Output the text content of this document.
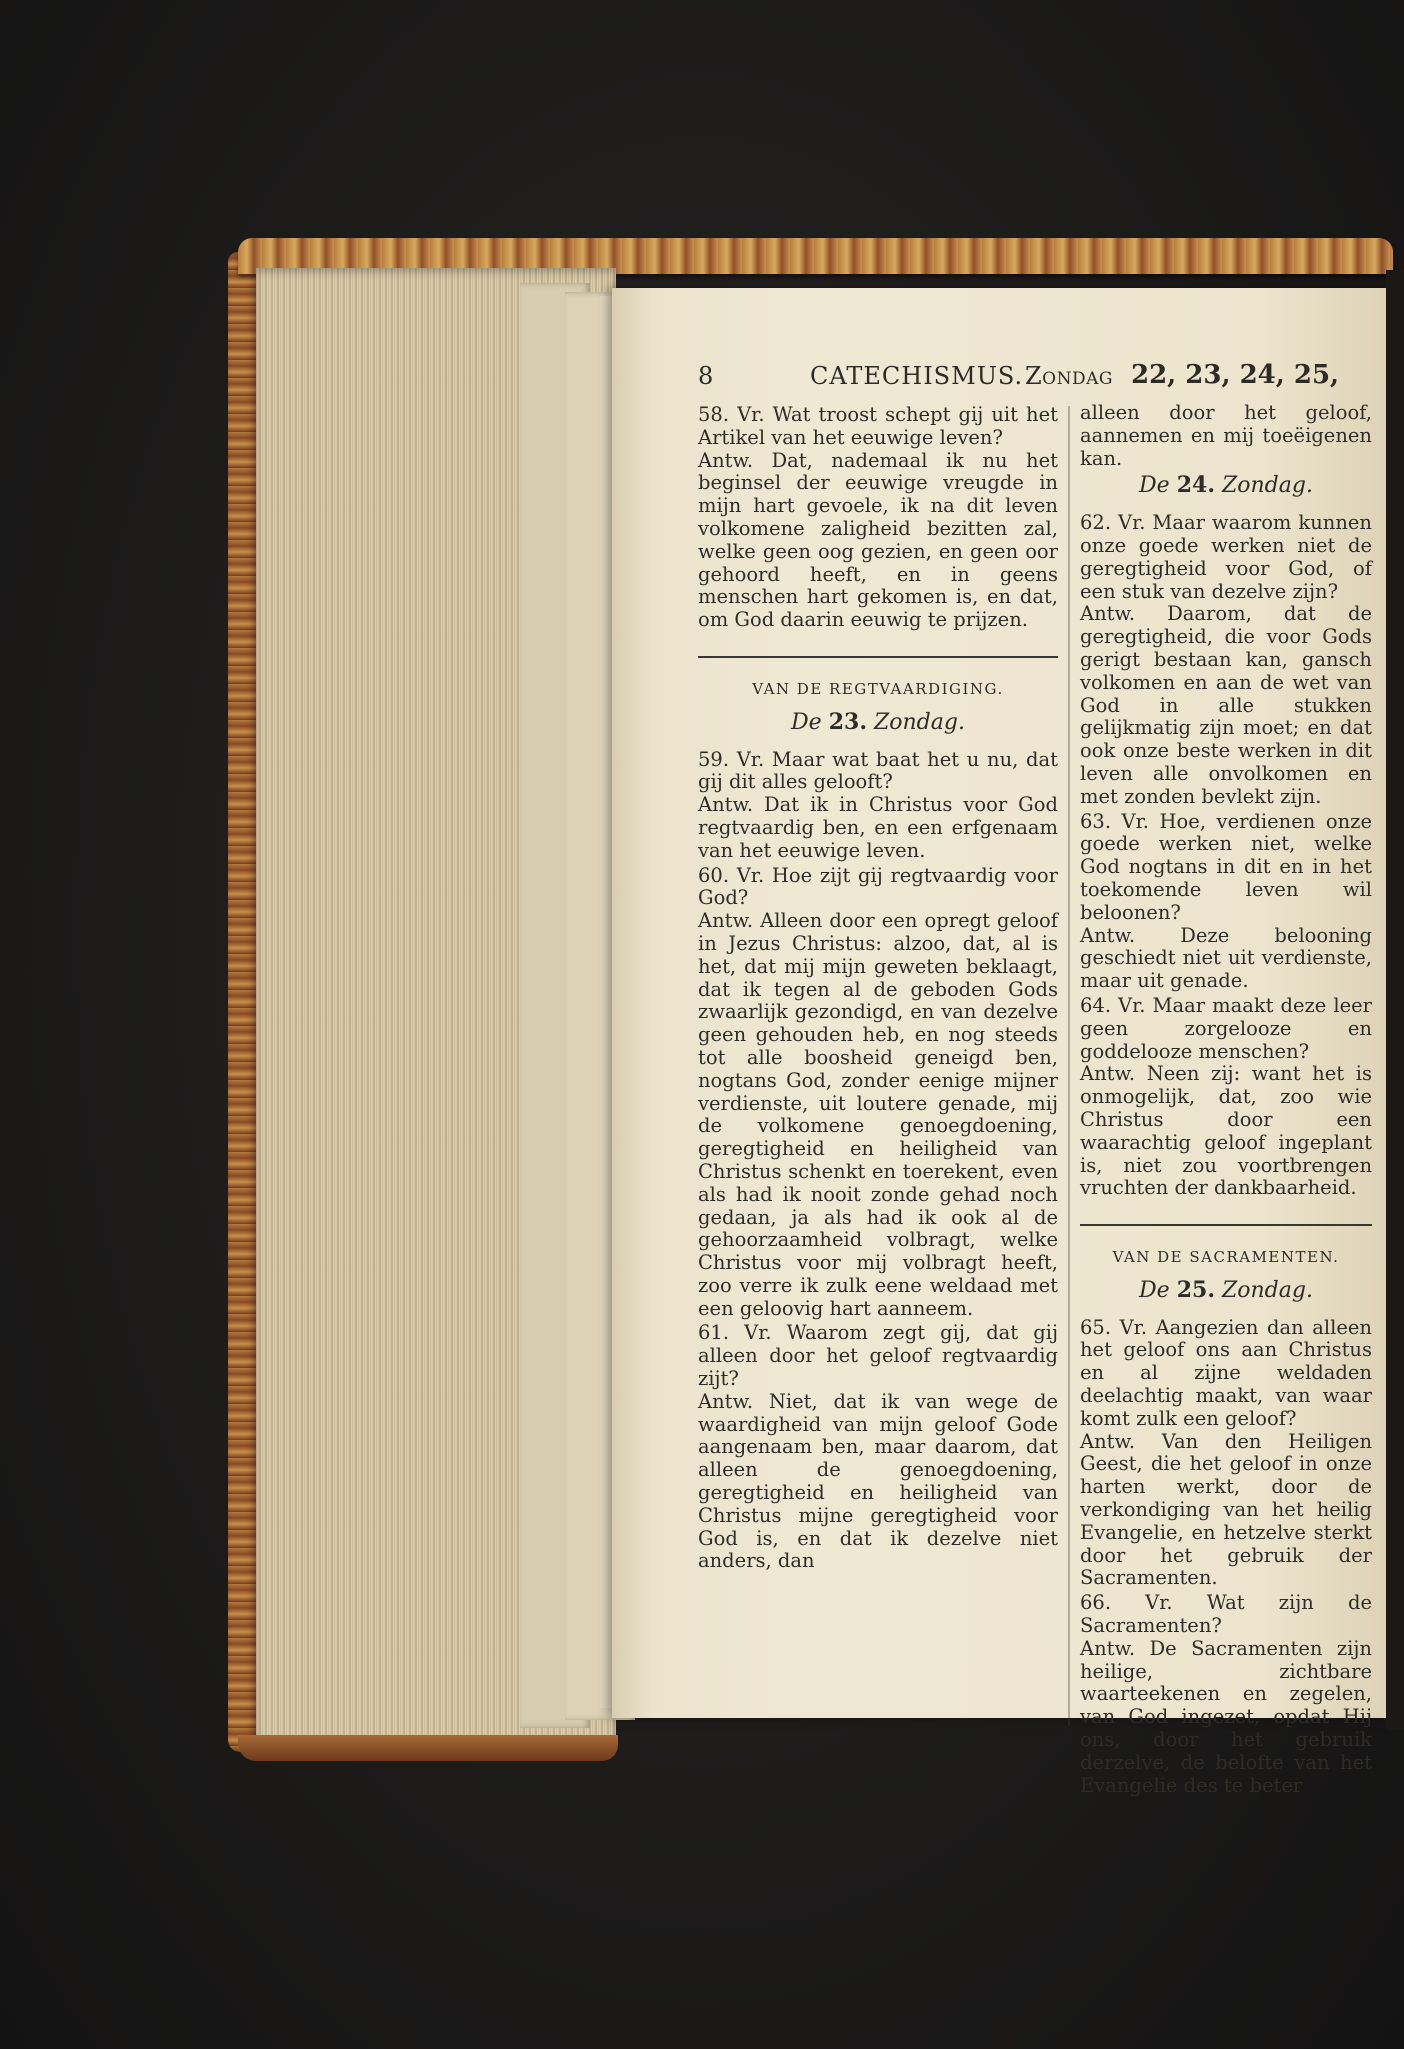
8	CATECHISMUS. Zondag 22, 23, 24, 25,

58. Vr. Wat troost schept gij uit het Artikel van het eeuwige leven?

Antw. Dat, nademaal ik nu het beginsel der eeuwige vreugde in mijn hart gevoele, ik na dit leven volkomene zaligheid bezitten zal, welke geen oog gezien, en geen oor gehoord heeft, en in geens menschen hart gekomen is, en dat, om God daarin eeuwig te prijzen.

VAN DE REGTVAARDIGING.
De 23. Zondag.

59. Vr. Maar wat baat het u nu, dat gij dit alles gelooft?

Antw. Dat ik in Christus voor God regtvaardig ben, en een erfgenaam van het eeuwige leven.

60. Vr. Hoe zijt gij regtvaardig voor God?

Antw. Alleen door een opregt geloof in Jezus Christus: alzoo, dat, al is het, dat mij mijn geweten beklaagt, dat ik tegen al de geboden Gods zwaarlijk gezondigd, en van dezelve geen gehouden heb, en nog steeds tot alle boosheid geneigd ben, nogtans God, zonder eenige mijner verdienste, uit loutere genade, mij de volkomene genoegdoening, geregtigheid en heiligheid van Christus schenkt en toerekent, even als had ik nooit zonde gehad noch gedaan, ja als had ik ook al de gehoorzaamheid volbragt, welke Christus voor mij volbragt heeft, zoo verre ik zulk eene weldaad met een geloovig hart aanneem.

61. Vr. Waarom zegt gij, dat gij alleen door het geloof regtvaardig zijt?

Antw. Niet, dat ik van wege de waardigheid van mijn geloof Gode aangenaam ben, maar daarom, dat alleen de genoegdoening, geregtigheid en heiligheid van Christus mijne geregtigheid voor God is, en dat ik dezelve niet anders, dan

alleen door het geloof, aannemen en mij toeëigenen kan.

De 24. Zondag.

62. Vr. Maar waarom kunnen onze goede werken niet de geregtigheid voor God, of een stuk van dezelve zijn?

Antw. Daarom, dat de geregtigheid, die voor Gods gerigt bestaan kan, gansch volkomen en aan de wet van God in alle stukken gelijkmatig zijn moet; en dat ook onze beste werken in dit leven alle onvolkomen en met zonden bevlekt zijn.

63. Vr. Hoe, verdienen onze goede werken niet, welke God nogtans in dit en in het toekomende leven wil beloonen?

Antw. Deze belooning geschiedt niet uit verdienste, maar uit genade.

64. Vr. Maar maakt deze leer geen zorgelooze en goddelooze menschen?

Antw. Neen zij: want het is onmogelijk, dat, zoo wie Christus door een waarachtig geloof ingeplant is, niet zou voortbrengen vruchten der dankbaarheid.

VAN DE SACRAMENTEN.
De 25. Zondag.

65. Vr. Aangezien dan alleen het geloof ons aan Christus en al zijne weldaden deelachtig maakt, van waar komt zulk een geloof?

Antw. Van den Heiligen Geest, die het geloof in onze harten werkt, door de verkondiging van het heilig Evangelie, en hetzelve sterkt door het gebruik der Sacramenten.

66. Vr. Wat zijn de Sacramenten?

Antw. De Sacramenten zijn heilige, zichtbare waarteekenen en zegelen, van God ingezet, opdat Hij ons, door het gebruik derzelve, de belofte van het Evangelie des te beter
